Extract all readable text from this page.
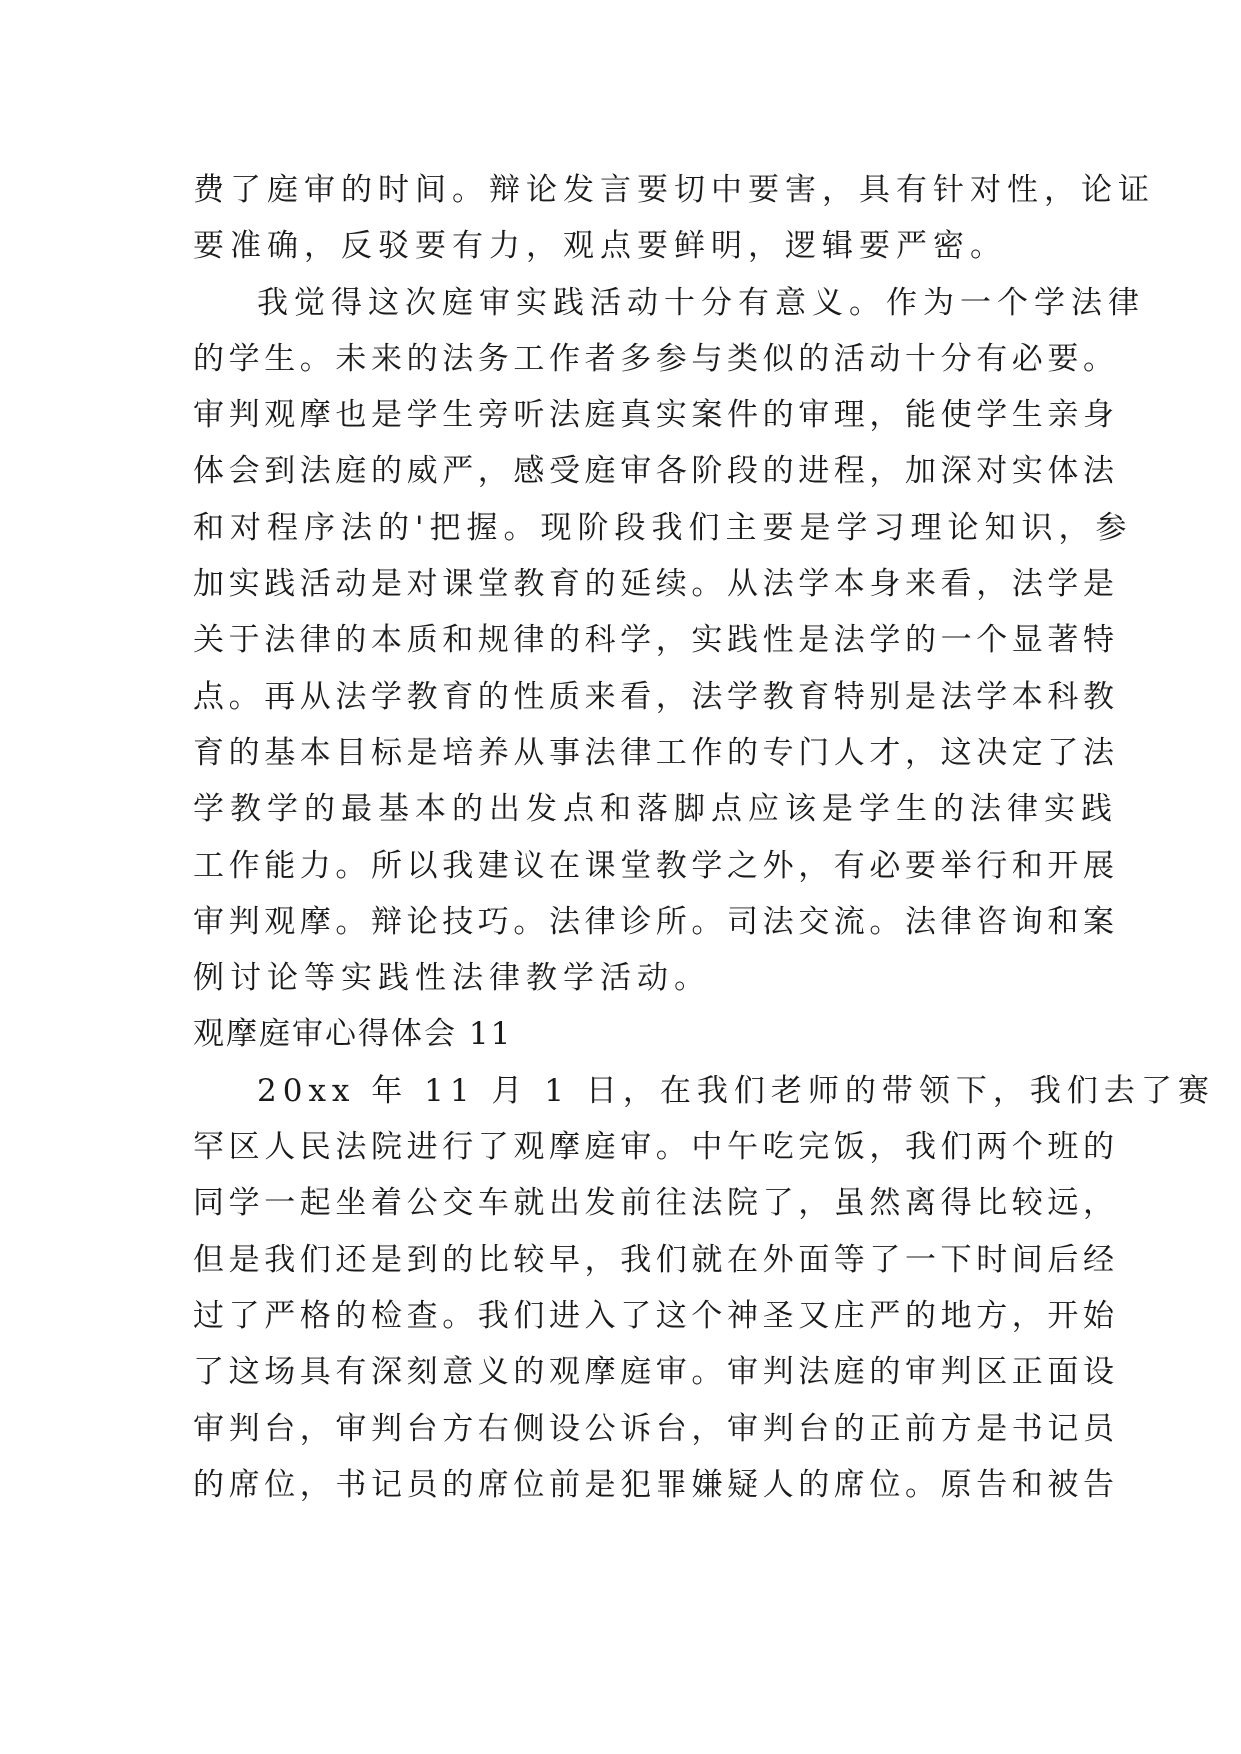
费了庭审的时间。辩论发言要切中要害，具有针对性，论证
要准确，反驳要有力，观点要鲜明，逻辑要严密。
我觉得这次庭审实践活动十分有意义。作为一个学法律
的学生。未来的法务工作者多参与类似的活动十分有必要。
审判观摩也是学生旁听法庭真实案件的审理，能使学生亲身
体会到法庭的威严，感受庭审各阶段的进程，加深对实体法
和对程序法的'把握。现阶段我们主要是学习理论知识，参
加实践活动是对课堂教育的延续。从法学本身来看，法学是
关于法律的本质和规律的科学，实践性是法学的一个显著特
点。再从法学教育的性质来看，法学教育特别是法学本科教
育的基本目标是培养从事法律工作的专门人才，这决定了法
学教学的最基本的出发点和落脚点应该是学生的法律实践
工作能力。所以我建议在课堂教学之外，有必要举行和开展
审判观摩。辩论技巧。法律诊所。司法交流。法律咨询和案
例讨论等实践性法律教学活动。
观摩庭审心得体会 11
20xx 年 11 月 1 日，在我们老师的带领下，我们去了赛
罕区人民法院进行了观摩庭审。中午吃完饭，我们两个班的
同学一起坐着公交车就出发前往法院了，虽然离得比较远，
但是我们还是到的比较早，我们就在外面等了一下时间后经
过了严格的检查。我们进入了这个神圣又庄严的地方，开始
了这场具有深刻意义的观摩庭审。审判法庭的审判区正面设
审判台，审判台方右侧设公诉台，审判台的正前方是书记员
的席位，书记员的席位前是犯罪嫌疑人的席位。原告和被告
